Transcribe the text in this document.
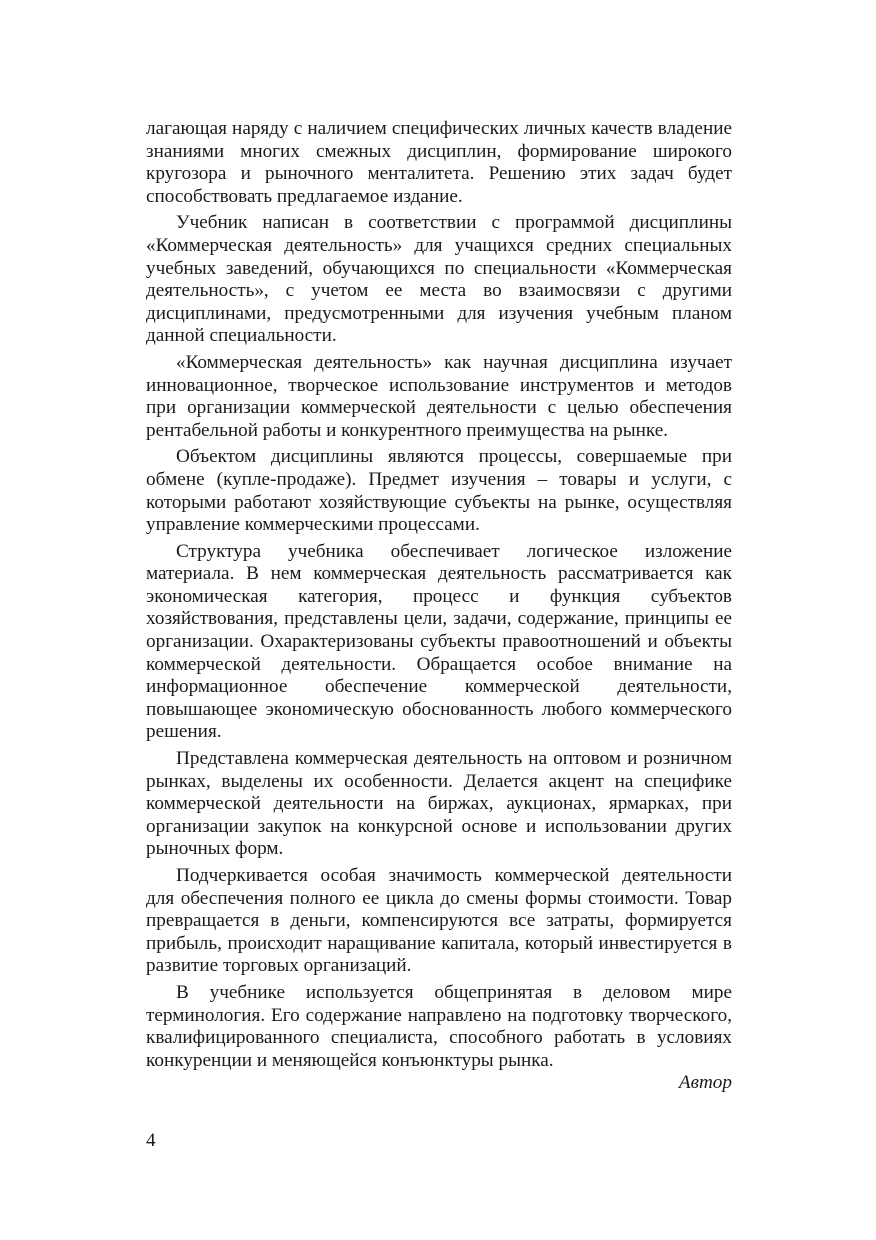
лагающая наряду с наличием специфических личных качеств владение знаниями многих смежных дисциплин, формирование широкого кругозора и рыночного менталитета. Решению этих задач будет способствовать предлагаемое издание.

Учебник написан в соответствии с программой дисциплины «Коммерческая деятельность» для учащихся средних специальных учебных заведений, обучающихся по специальности «Коммерческая деятельность», с учетом ее места во взаимосвязи с другими дисциплинами, предусмотренными для изучения учебным планом данной специальности.

«Коммерческая деятельность» как научная дисциплина изучает инновационное, творческое использование инструментов и методов при организации коммерческой деятельности с целью обеспечения рентабельной работы и конкурентного преимущества на рынке.

Объектом дисциплины являются процессы, совершаемые при обмене (купле-продаже). Предмет изучения – товары и услуги, с которыми работают хозяйствующие субъекты на рынке, осуществляя управление коммерческими процессами.

Структура учебника обеспечивает логическое изложение материала. В нем коммерческая деятельность рассматривается как экономическая категория, процесс и функция субъектов хозяйствования, представлены цели, задачи, содержание, принципы ее организации. Охарактеризованы субъекты правоотношений и объекты коммерческой деятельности. Обращается особое внимание на информационное обеспечение коммерческой деятельности, повышающее экономическую обоснованность любого коммерческого решения.

Представлена коммерческая деятельность на оптовом и розничном рынках, выделены их особенности. Делается акцент на специфике коммерческой деятельности на биржах, аукционах, ярмарках, при организации закупок на конкурсной основе и использовании других рыночных форм.

Подчеркивается особая значимость коммерческой деятельности для обеспечения полного ее цикла до смены формы стоимости. Товар превращается в деньги, компенсируются все затраты, формируется прибыль, происходит наращивание капитала, который инвестируется в развитие торговых организаций.

В учебнике используется общепринятая в деловом мире терминология. Его содержание направлено на подготовку творческого, квалифицированного специалиста, способного работать в условиях конкуренции и меняющейся конъюнктуры рынка.

Автор

4
